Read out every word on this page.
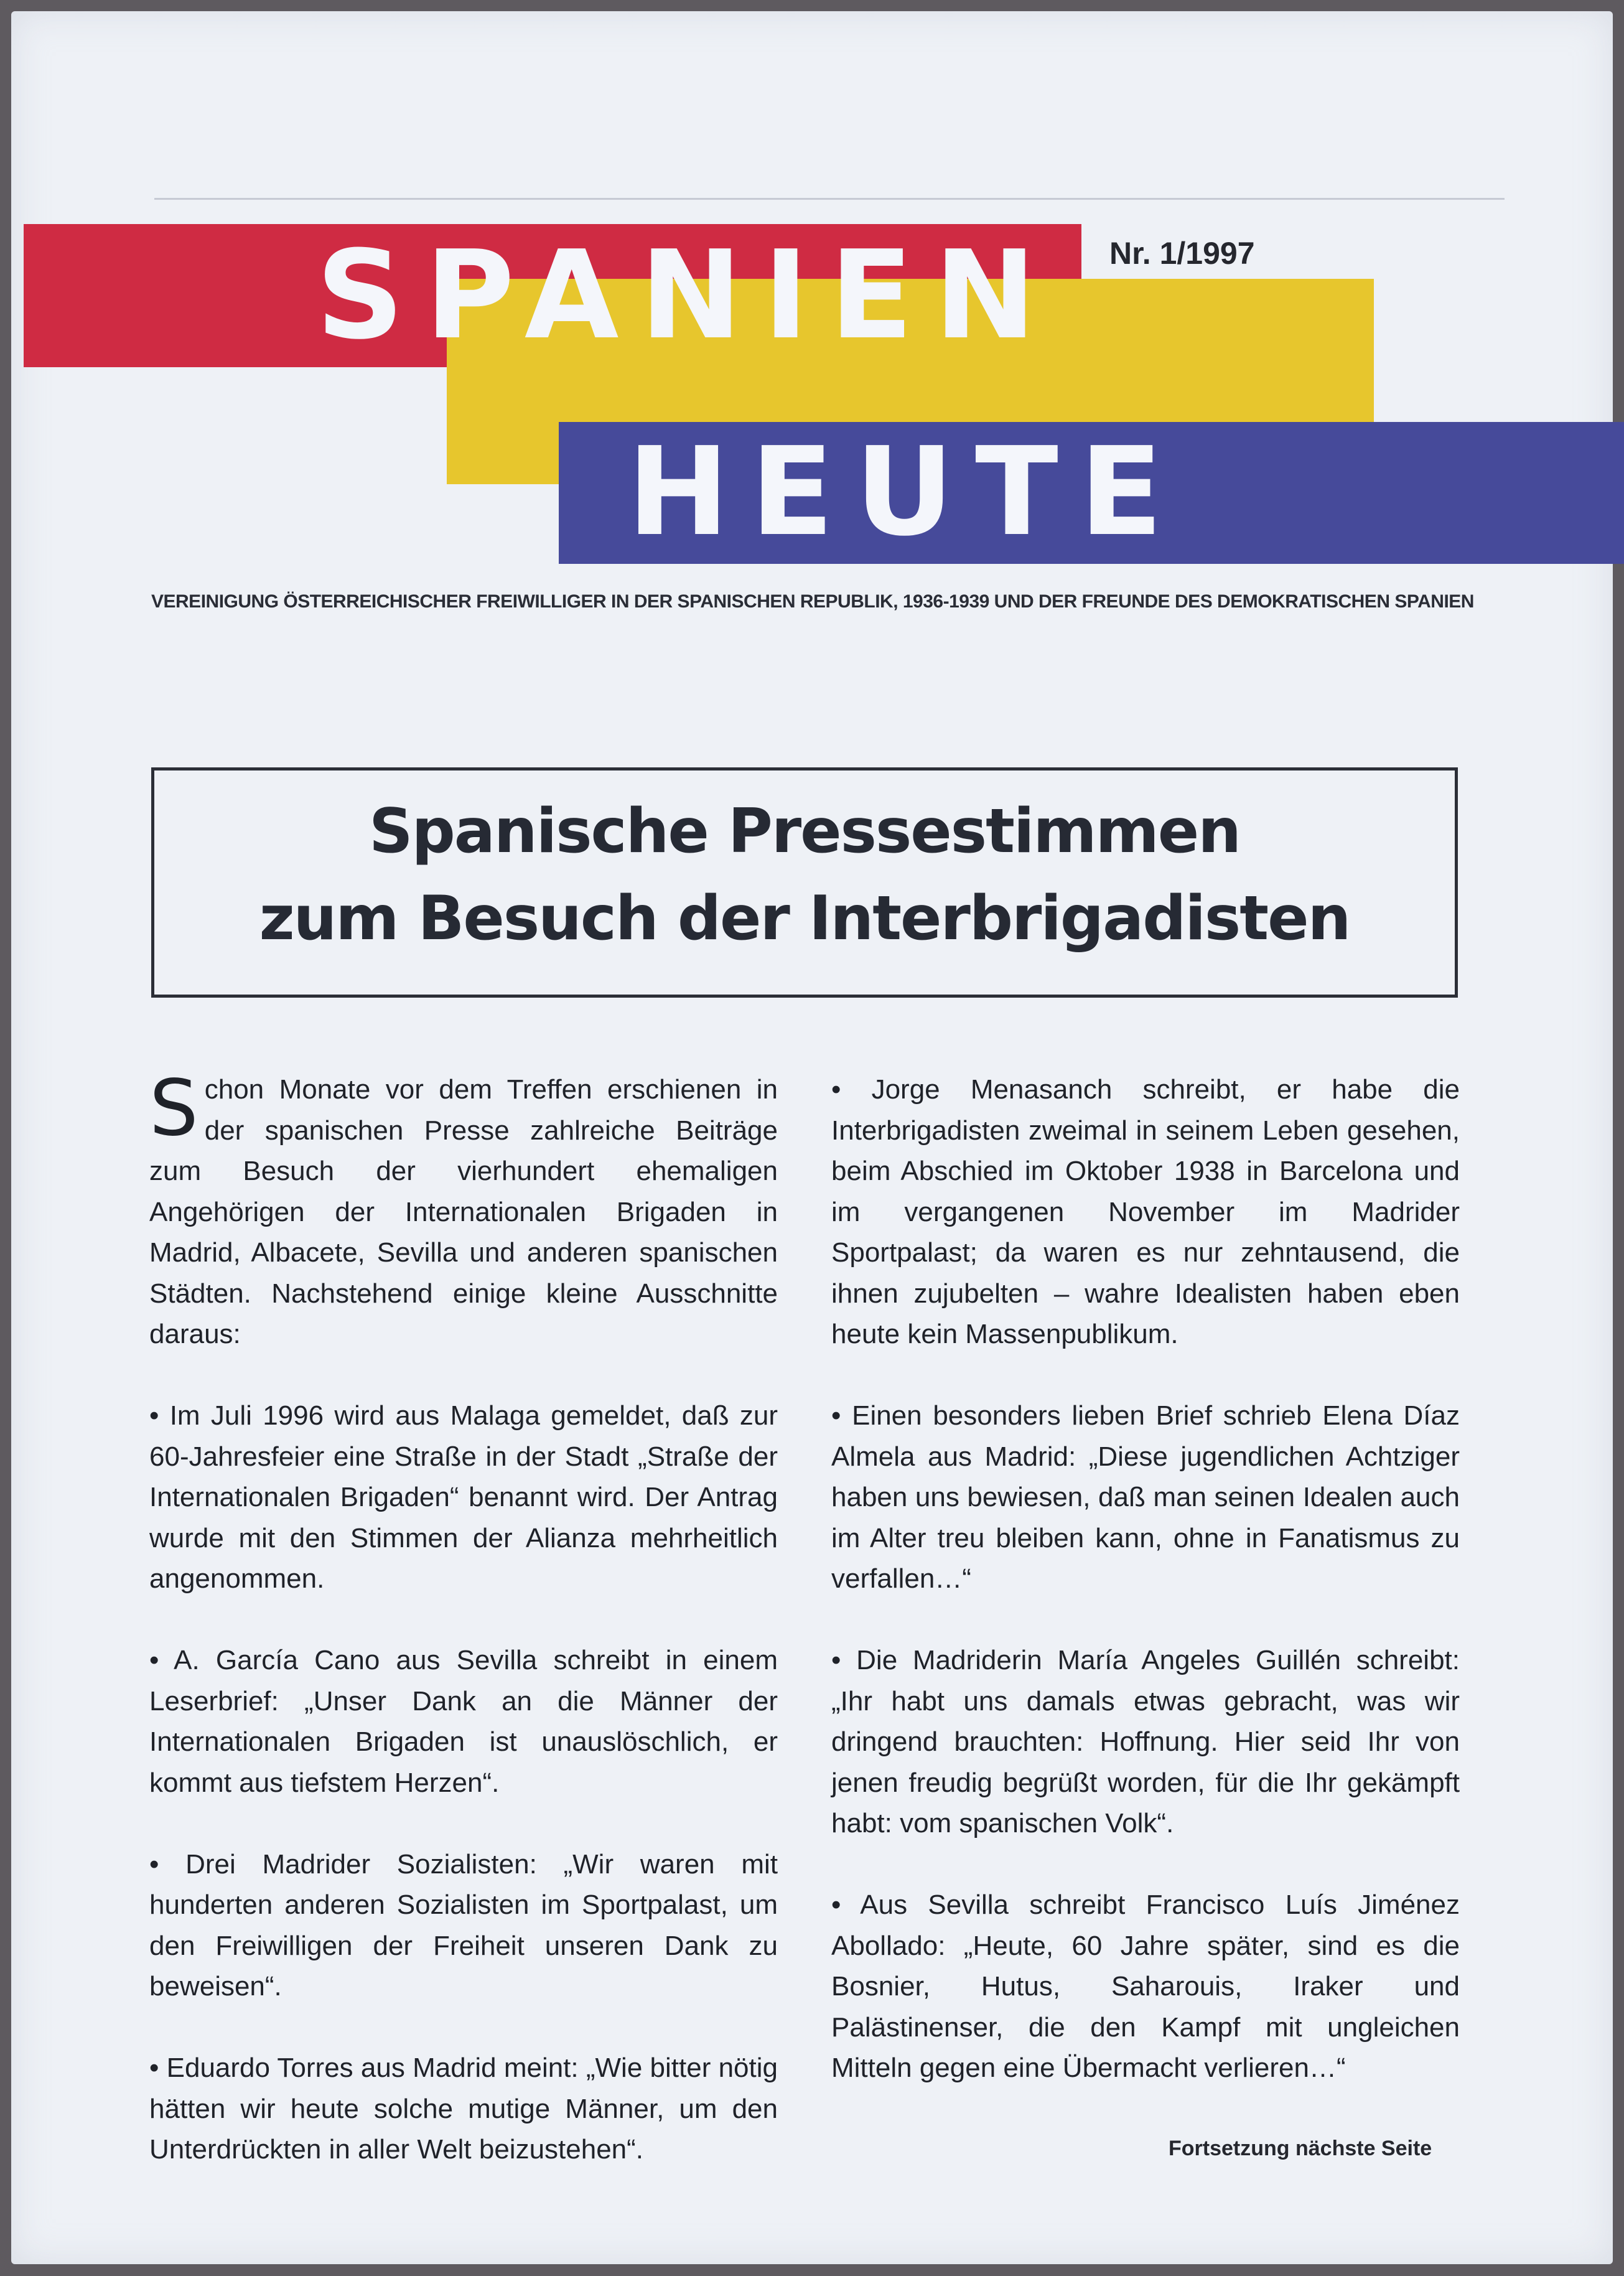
SPANIEN
HEUTE
Nr. 1/1997
VEREINIGUNG ÖSTERREICHISCHER FREIWILLIGER IN DER SPANISCHEN REPUBLIK, 1936-1939 UND DER FREUNDE DES DEMOKRATISCHEN SPANIEN
Spanische Pressestimmen
zum Besuch der Interbrigadisten

Schon Monate vor dem Treffen erschienen in der spanischen Presse zahlreiche Beiträge zum Besuch der vierhundert ehemaligen Angehörigen der Internationalen Brigaden in Madrid, Albacete, Sevilla und anderen spanischen Städten. Nachstehend einige kleine Ausschnitte daraus:

• Im Juli 1996 wird aus Malaga gemeldet, daß zur 60-Jahresfeier eine Straße in der Stadt „Straße der Internationalen Brigaden“ benannt wird. Der Antrag wurde mit den Stimmen der Alianza mehrheitlich angenommen.

• A. García Cano aus Sevilla schreibt in einem Leserbrief: „Unser Dank an die Männer der Internationalen Brigaden ist unauslöschlich, er kommt aus tiefstem Herzen“.

• Drei Madrider Sozialisten: „Wir waren mit hunderten anderen Sozialisten im Sportpalast, um den Freiwilligen der Freiheit unseren Dank zu beweisen“.

• Eduardo Torres aus Madrid meint: „Wie bitter nötig hätten wir heute solche mutige Männer, um den Unterdrückten in aller Welt beizustehen“.

• Jorge Menasanch schreibt, er habe die Interbrigadisten zweimal in seinem Leben gesehen, beim Abschied im Oktober 1938 in Barcelona und im vergangenen November im Madrider Sportpalast; da waren es nur zehntausend, die ihnen zujubelten – wahre Idealisten haben eben heute kein Massenpublikum.

• Einen besonders lieben Brief schrieb Elena Díaz Almela aus Madrid: „Diese jugendlichen Achtziger haben uns bewiesen, daß man seinen Idealen auch im Alter treu bleiben kann, ohne in Fanatismus zu verfallen…“

• Die Madriderin María Angeles Guillén schreibt: „Ihr habt uns damals etwas gebracht, was wir dringend brauchten: Hoffnung. Hier seid Ihr von jenen freudig begrüßt worden, für die Ihr gekämpft habt: vom spanischen Volk“.

• Aus Sevilla schreibt Francisco Luís Jiménez Abollado: „Heute, 60 Jahre später, sind es die Bosnier, Hutus, Saharouis, Iraker und Palästinenser, die den Kampf mit ungleichen Mitteln gegen eine Übermacht verlieren…“

Fortsetzung nächste Seite
